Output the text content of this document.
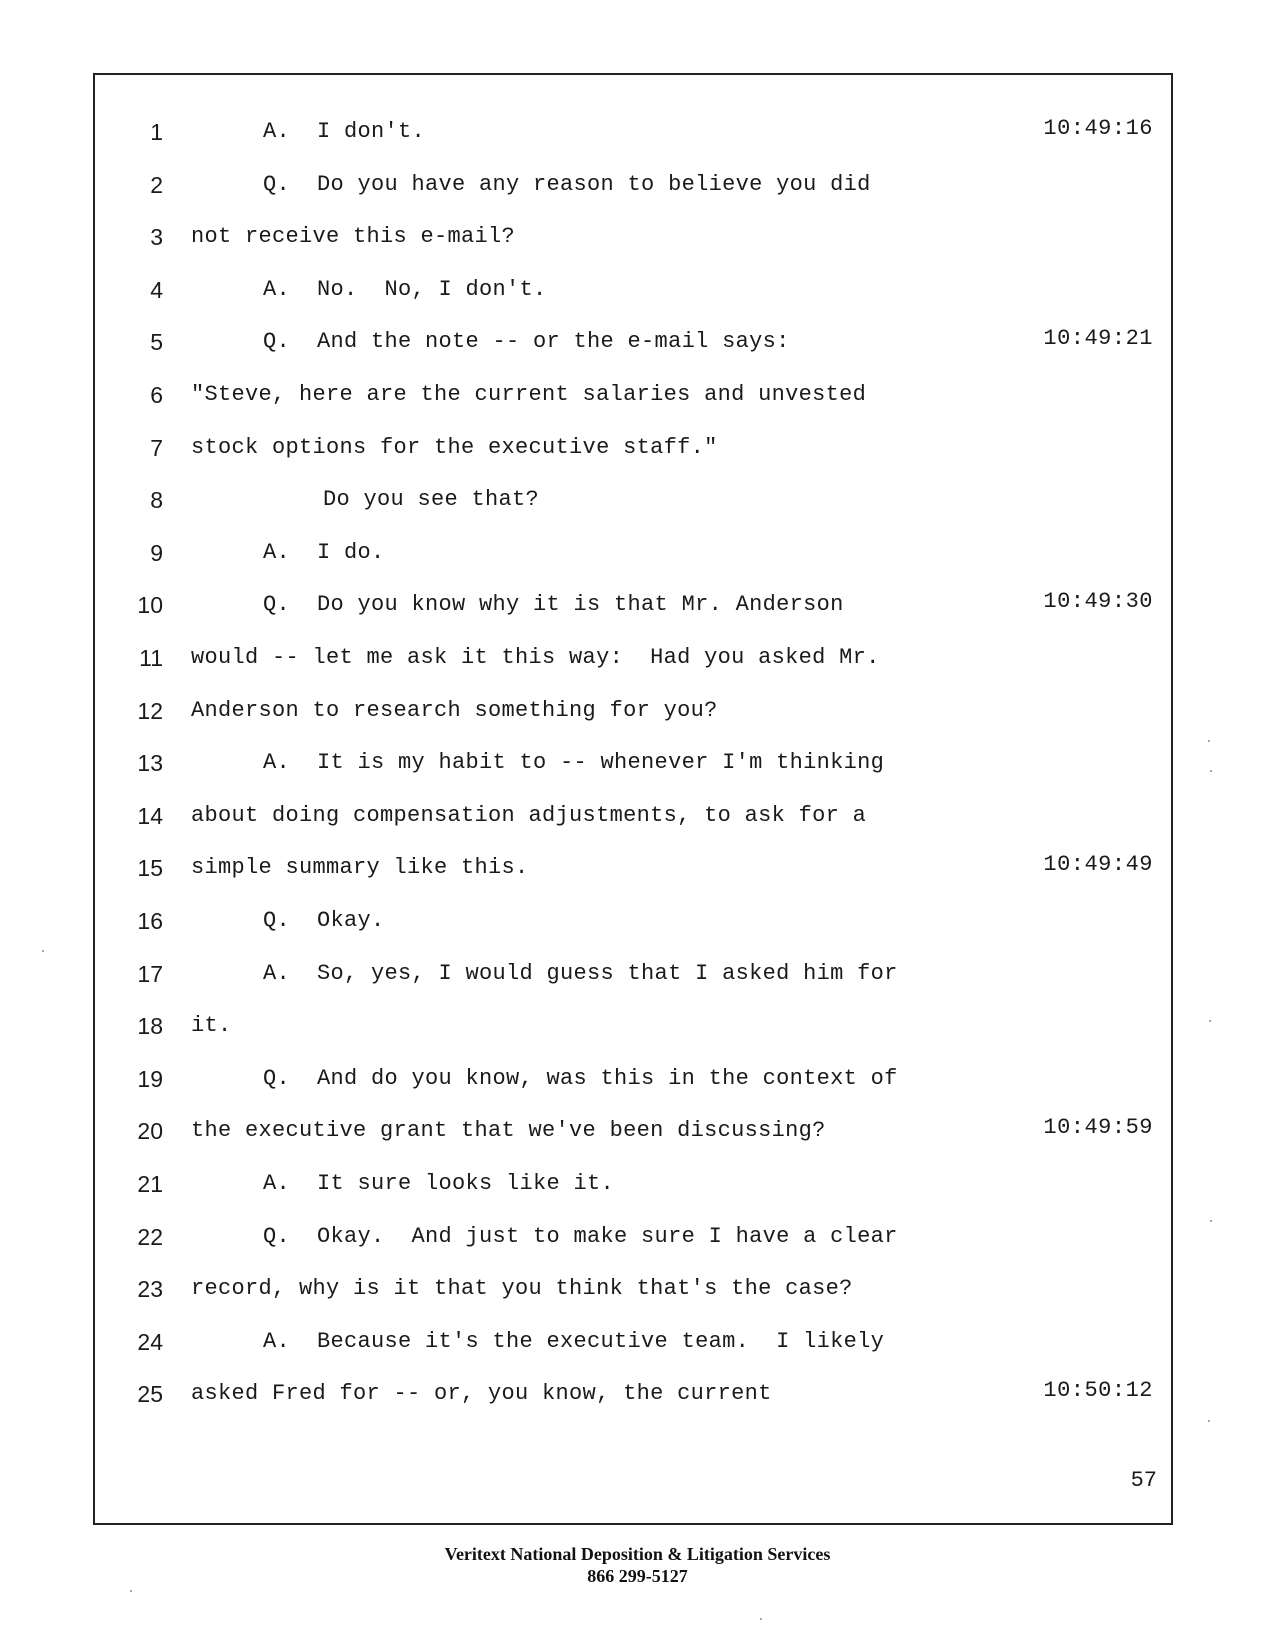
57
1	A.  I don't.	10:49:16
2	Q.  Do you have any reason to believe you did
3 not receive this e-mail?
4	A.  No.  No, I don't.
5	Q.  And the note -- or the e-mail says:	10:49:21
6 "Steve, here are the current salaries and unvested
7 stock options for the executive staff."
8	Do you see that?
9	A.  I do.
10	Q.  Do you know why it is that Mr. Anderson	10:49:30
11 would -- let me ask it this way:  Had you asked Mr.
12 Anderson to research something for you?
13	A.  It is my habit to -- whenever I'm thinking
14 about doing compensation adjustments, to ask for a
15 simple summary like this.	10:49:49
16	Q.  Okay.
17	A.  So, yes, I would guess that I asked him for
18 it.
19	Q.  And do you know, was this in the context of
20 the executive grant that we've been discussing?	10:49:59
21	A.  It sure looks like it.
22	Q.  Okay.  And just to make sure I have a clear
23 record, why is it that you think that's the case?
24	A.  Because it's the executive team.  I likely
25 asked Fred for -- or, you know, the current	10:50:12
Veritext National Deposition & Litigation Services
866 299-5127
